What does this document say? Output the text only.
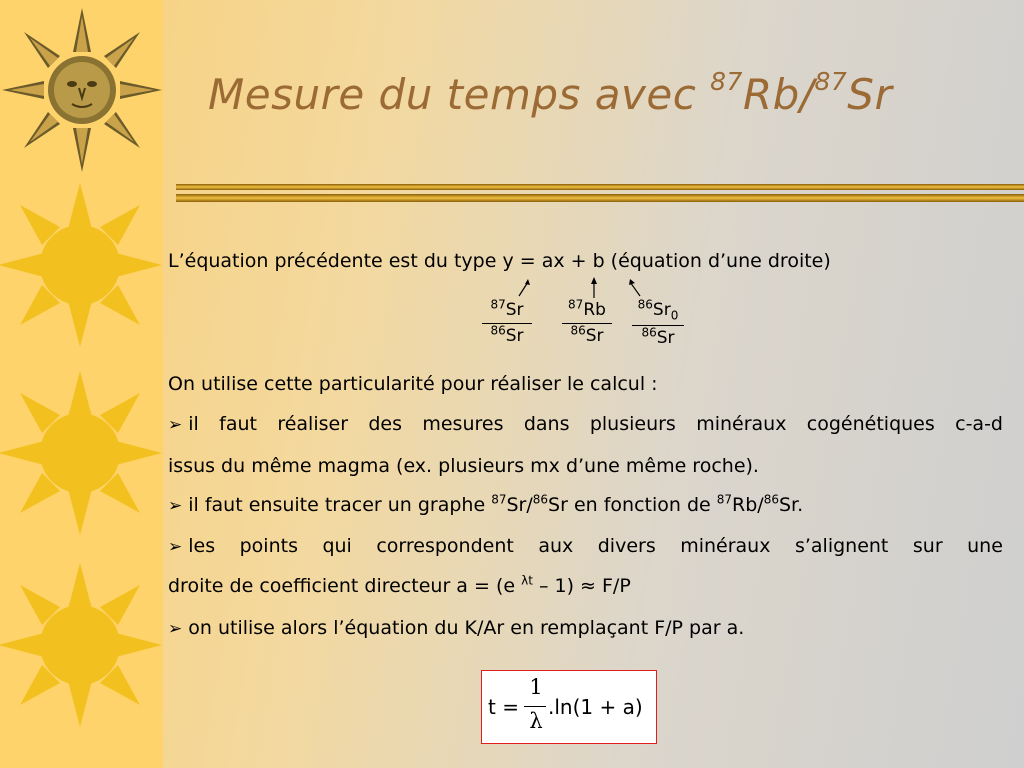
Mesure du temps avec $^{87}$Rb/$^{87}$Sr
L’équation précédente est du type y = ax + b (équation d’une droite)
$^{87}$Sr
$^{86}$Sr
$^{87}$Rb
$^{86}$Sr
$^{86}Sr_0$
$^{86}$Sr
On utilise cette particularité pour réaliser le calcul :
➢ il faut réaliser des mesures dans plusieurs minéraux cogénétiques c-a-d
issus du même magma (ex. plusieurs mx d’une même roche).
➢ il faut ensuite tracer un graphe $^{87}$Sr/$^{86}$Sr en fonction de $^{87}$Rb/$^{86}$Sr.
➢ les points qui correspondent aux divers minéraux s’alignent sur une
droite de coefficient directeur a = (e $^{\lambda t}$ – 1) ≈ F/P
➢ on utilise alors l’équation du K/Ar en remplaçant F/P par a.
t =
1
λ
.ln(1 + a)
